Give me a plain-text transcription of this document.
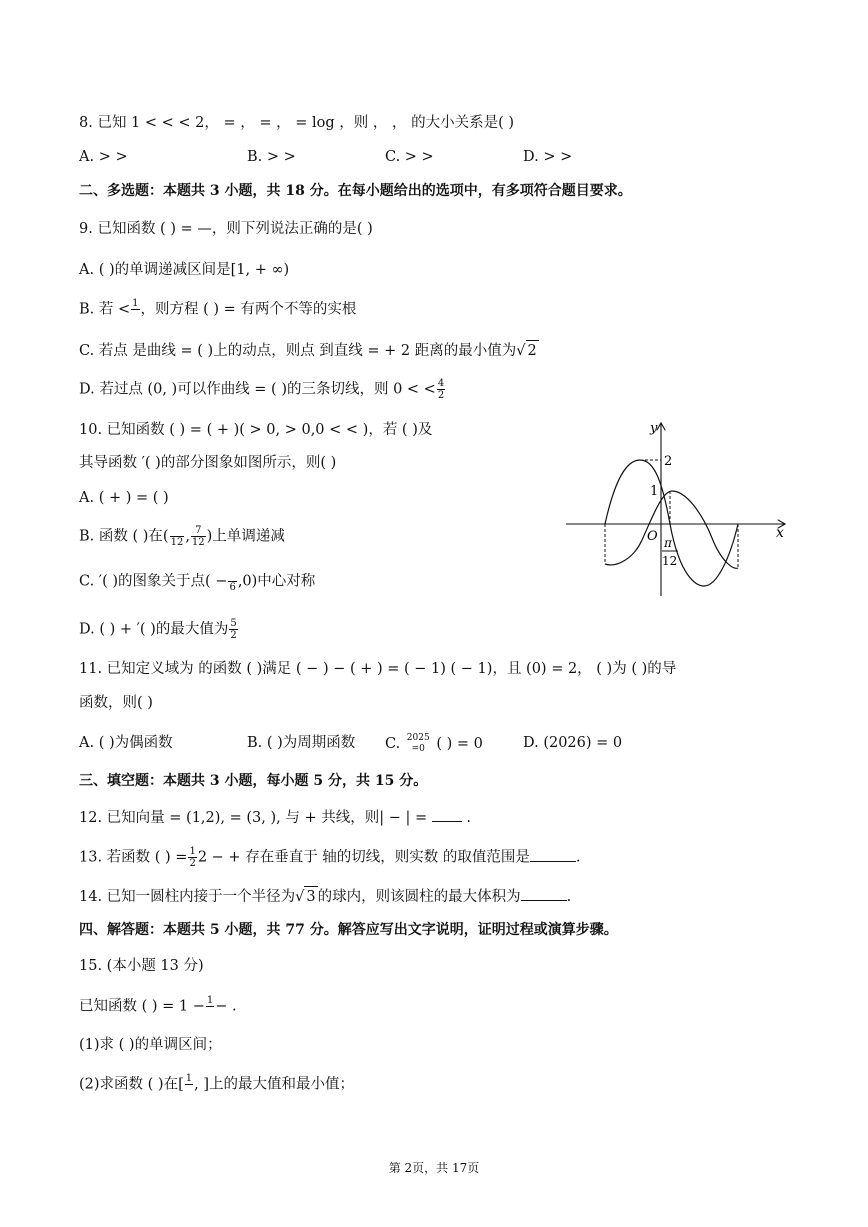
8. 已知 1 < < < 2， = ， = ， = log ，则 ， ， 的大小关系是( )
A. > >	B. > >	C. > >	D. > >
二、多选题：本题共 3 小题，共 18 分。在每小题给出的选项中，有多项符合题目要求。
9. 已知函数 ( ) = —，则下列说法正确的是( )
A. ( )的单调递减区间是[1, + ∞)
B. 若 < 1
，则方程 ( ) = 有两个不等的实根
C. 若点 是曲线 = ( )上的动点，则点 到直线 = + 2 距离的最小值为√ 2
D. 若过点 (0, )可以作曲线 = ( )的三条切线，则 0 < < $\frac{4}{2}$
10. 已知函数 ( ) = ( + )( > 0, > 0,0 < < )，若 ( )及
其导函数 ′( )的部分图象如图所示，则( )
A. ( + ) = ( )
B. 函数 ( )在(
12 , $\frac{7}{12}$ )上单调递减
C. ′( )的图象关于点( −
6 ,0)中心对称
D. ( ) + ′( )的最大值为 $\frac{5}{2}$
y
x
O
2
1
π
12
11. 已知定义域为 的函数 ( )满足 ( − ) − ( + ) = ( − 1) ( − 1)，且 (0) = 2， ( )为 ( )的导
函数，则( )
A. ( )为偶函数	B. ( )为周期函数 C. 2025
=0 ( ) = 0	D. (2026) = 0
三、填空题：本题共 3 小题，每小题 5 分，共 15 分。
12. 已知向量 = (1,2), = (3, ), 与 + 共线，则| − | =	.
13. 若函数 ( ) = $\frac{1}{2} 2$ − + 存在垂直于 轴的切线，则实数 的取值范围是	.
14. 已知一圆柱内接于一个半径为√ 3 的球内，则该圆柱的最大体积为	.
四、解答题：本题共 5 小题，共 77 分。解答应写出文字说明，证明过程或演算步骤。
15. (本小题 13 分)
已知函数 ( ) = 1 − 1
− .
(1)求 ( )的单调区间；
(2)求函数 ( )在[ 1
, ]上的最大值和最小值；
第 2页，共 17页
